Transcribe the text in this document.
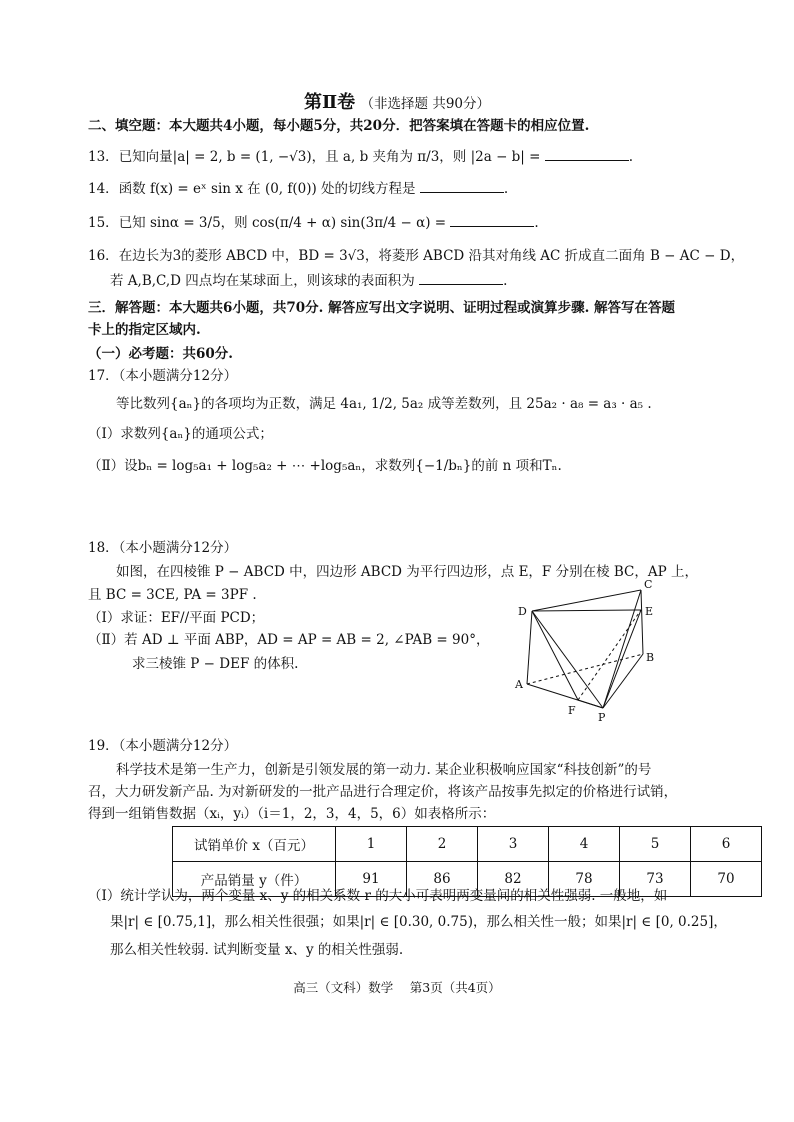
第Ⅱ卷 （非选择题 共90分）
二、填空题：本大题共4小题，每小题5分，共20分．把答案填在答题卡的相应位置.
13．已知向量|a| = 2, b = (1, −√3)，且 a, b 夹角为 π/3，则 |2a − b| =	.
14．函数 f(x) = eˣ sin x 在 (0, f(0)) 处的切线方程是	.
15．已知 sinα = 3/5，则 cos(π/4 + α) sin(3π/4 − α) =	.
16．在边长为3的菱形 ABCD 中，BD = 3√3，将菱形 ABCD 沿其对角线 AC 折成直二面角 B − AC − D，
若 A,B,C,D 四点均在某球面上，则该球的表面积为	.
三．解答题：本大题共6小题，共70分. 解答应写出文字说明、证明过程或演算步骤. 解答写在答题
卡上的指定区域内.
（一）必考题：共60分.
17．（本小题满分12分）
等比数列{aₙ}的各项均为正数，满足 4a₁, 1/2, 5a₂ 成等差数列，且 25a₂ · a₈ = a₃ · a₅ .
（Ⅰ）求数列{aₙ}的通项公式；
（Ⅱ）设bₙ = log₅a₁ + log₅a₂ + ⋯ +log₅aₙ，求数列{−1/bₙ}的前 n 项和Tₙ.
18．（本小题满分12分）
如图，在四棱锥 P − ABCD 中，四边形 ABCD 为平行四边形，点 E，F 分别在棱 BC，AP 上，
且 BC = 3CE, PA = 3PF .
（Ⅰ）求证：EF//平面 PCD；
（Ⅱ）若 AD ⊥ 平面 ABP，AD = AP = AB = 2, ∠PAB = 90°，
求三棱锥 P − DEF 的体积.
C
E
D
B
A
F
P
19．（本小题满分12分）
科学技术是第一生产力，创新是引领发展的第一动力. 某企业积极响应国家“科技创新”的号
召，大力研发新产品. 为对新研发的一批产品进行合理定价，将该产品按事先拟定的价格进行试销，
得到一组销售数据（xᵢ，yᵢ）（i＝1，2，3，4，5，6）如表格所示：
试销单价 x（百元）	1	2	3	4	5	6
产品销量 y（件）	91	86	82	78	73	70
（Ⅰ）统计学认为，两个变量 x、y 的相关系数 r 的大小可表明两变量间的相关性强弱. 一般地，如
果|r| ∈ [0.75,1]，那么相关性很强；如果|r| ∈ [0.30, 0.75)，那么相关性一般；如果|r| ∈ [0, 0.25]，
那么相关性较弱. 试判断变量 x、y 的相关性强弱.
高三（文科）数学　 第3页（共4页）
